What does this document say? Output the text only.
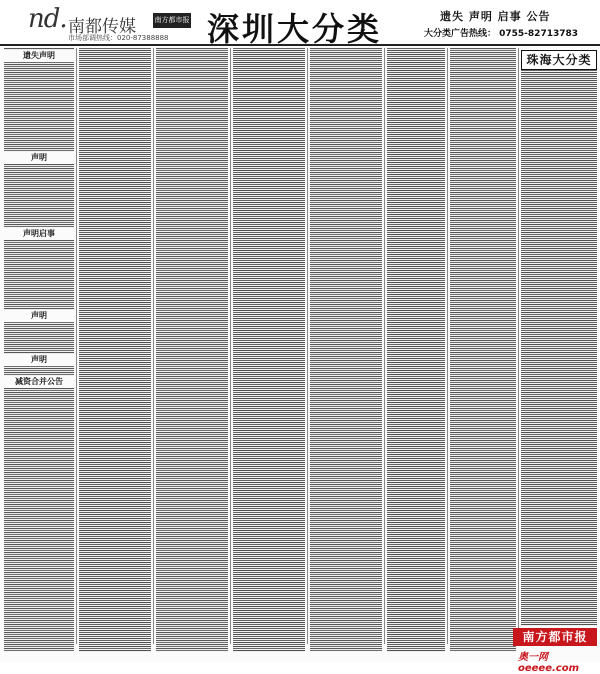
nd. 南都传媒	南方都市报
市场部调热线：020-87388888 深圳大分类	遗失 声明 启事 公告
大分类广告热线： 0755-82713783
遗失声明
声明
声明启事
声明
声明
减资合并公告
珠海大分类
南方都市报
奥一网 oeeee.com
